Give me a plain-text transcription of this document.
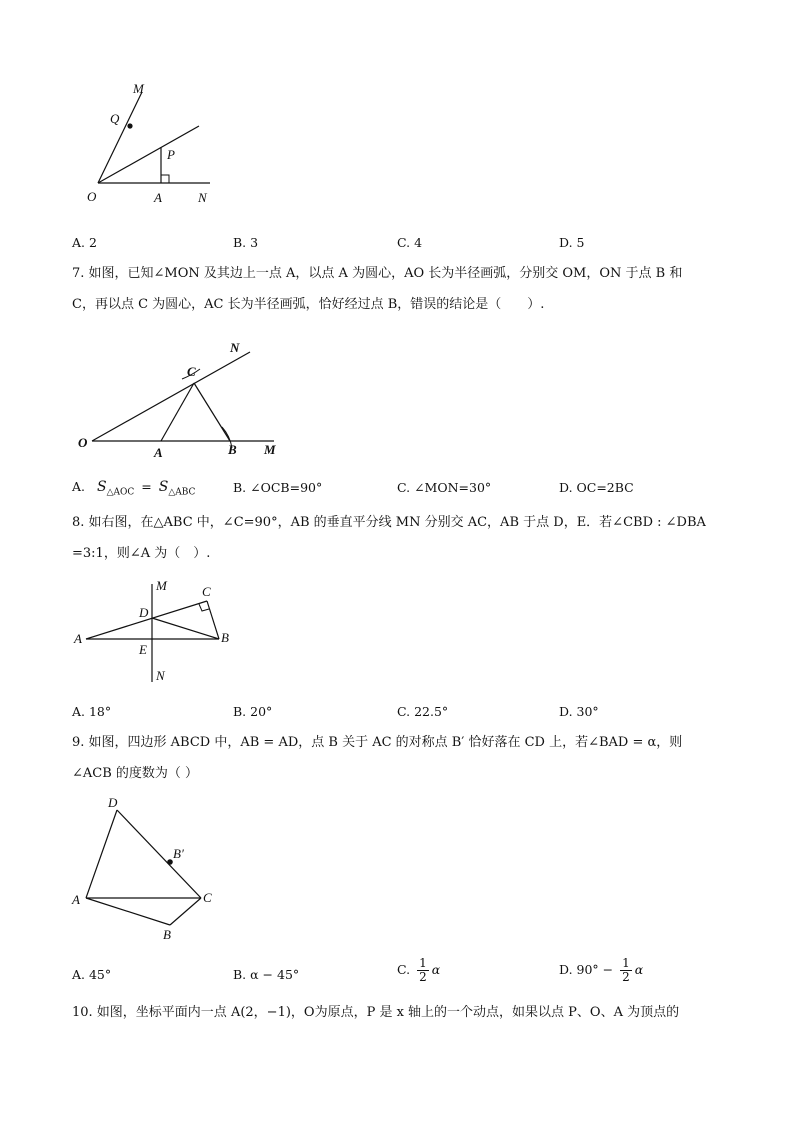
M
Q
P
O	A	N
A. 2	B. 3	C. 4	D. 5
7. 如图，已知∠MON 及其边上一点 A，以点 A 为圆心，AO 长为半径画弧，分别交 OM，ON 于点 B 和
C，再以点 C 为圆心，AC 长为半径画弧，恰好经过点 B，错误的结论是（　　）.
N
C
O
A	B M
A. $S_{\triangle AOC} = S_{\triangle ABC}$	B. ∠OCB=90°	C. ∠MON=30°	D. OC=2BC
8. 如右图，在△ABC 中，∠C=90°，AB 的垂直平分线 MN 分别交 AC，AB 于点 D，E．若∠CBD : ∠DBA
=3:1，则∠A 为（　）.
M	C
D
A	B
E
N
A. 18°	B. 20°	C. 22.5°	D. 30°
9. 如图，四边形 ABCD 中，AB = AD，点 B 关于 AC 的对称点 B′ 恰好落在 CD 上，若∠BAD = α，则
∠ACB 的度数为（ ）
D
B′
A	C
B
A. 45°	B. α − 45°	C. $\frac{1}{2}$ α	D. $90^\circ - \frac{1}{2}$ α
10. 如图，坐标平面内一点 A(2，−1)，O为原点，P 是 x 轴上的一个动点，如果以点 P、O、A 为顶点的
